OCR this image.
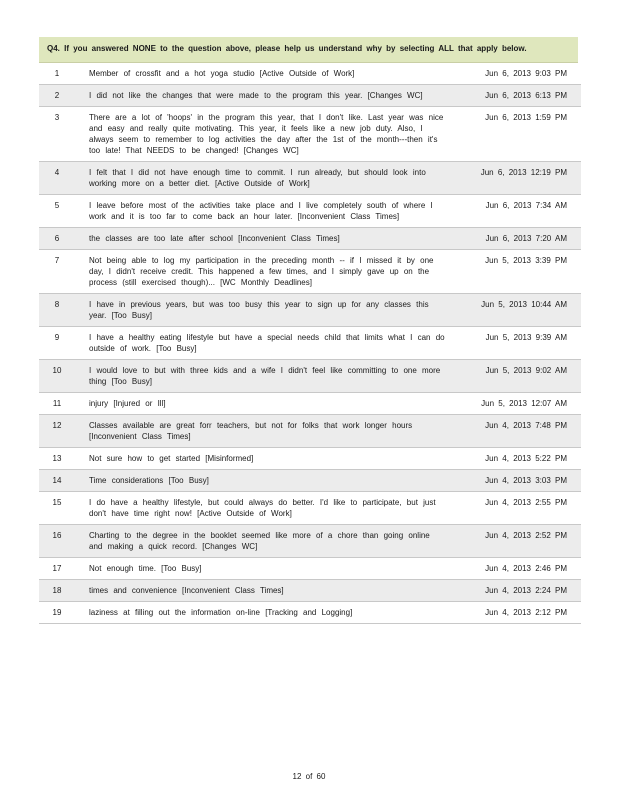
Q4. If you answered NONE to the question above, please help us understand why by selecting ALL that apply below.
1	Member of crossfit and a hot yoga studio [Active Outside of Work]	Jun 6, 2013 9:03 PM
2	I did not like the changes that were made to the program this year. [Changes WC]	Jun 6, 2013 6:13 PM
3	There are a lot of 'hoops' in the program this year, that I don't like. Last year was nice and easy and really quite motivating. This year, it feels like a new job duty. Also, I always seem to remember to log activities the day after the 1st of the month---then it's too late! That NEEDS to be changed! [Changes WC]	Jun 6, 2013 1:59 PM
4	I felt that I did not have enough time to commit. I run already, but should look into working more on a better diet. [Active Outside of Work]	Jun 6, 2013 12:19 PM
5	I leave before most of the activities take place and I live completely south of where I work and it is too far to come back an hour later. [Inconvenient Class Times]	Jun 6, 2013 7:34 AM
6	the classes are too late after school [Inconvenient Class Times]	Jun 6, 2013 7:20 AM
7	Not being able to log my participation in the preceding month -- if I missed it by one day, I didn't receive credit. This happened a few times, and I simply gave up on the process (still exercised though)... [WC Monthly Deadlines]	Jun 5, 2013 3:39 PM
8	I have in previous years, but was too busy this year to sign up for any classes this year. [Too Busy]	Jun 5, 2013 10:44 AM
9	I have a healthy eating lifestyle but have a special needs child that limits what I can do outside of work. [Too Busy]	Jun 5, 2013 9:39 AM
10	I would love to but with three kids and a wife I didn't feel like committing to one more thing [Too Busy]	Jun 5, 2013 9:02 AM
11	injury [Injured or Ill]	Jun 5, 2013 12:07 AM
12	Classes available are great forr teachers, but not for folks that work longer hours [Inconvenient Class Times]	Jun 4, 2013 7:48 PM
13	Not sure how to get started [Misinformed]	Jun 4, 2013 5:22 PM
14	Time considerations [Too Busy]	Jun 4, 2013 3:03 PM
15	I do have a healthy lifestyle, but could always do better. I'd like to participate, but just don't have time right now! [Active Outside of Work]	Jun 4, 2013 2:55 PM
16	Charting to the degree in the booklet seemed like more of a chore than going online and making a quick record. [Changes WC]	Jun 4, 2013 2:52 PM
17	Not enough time. [Too Busy]	Jun 4, 2013 2:46 PM
18	times and convenience [Inconvenient Class Times]	Jun 4, 2013 2:24 PM
19	laziness at filling out the information on-line [Tracking and Logging]	Jun 4, 2013 2:12 PM
12 of 60
